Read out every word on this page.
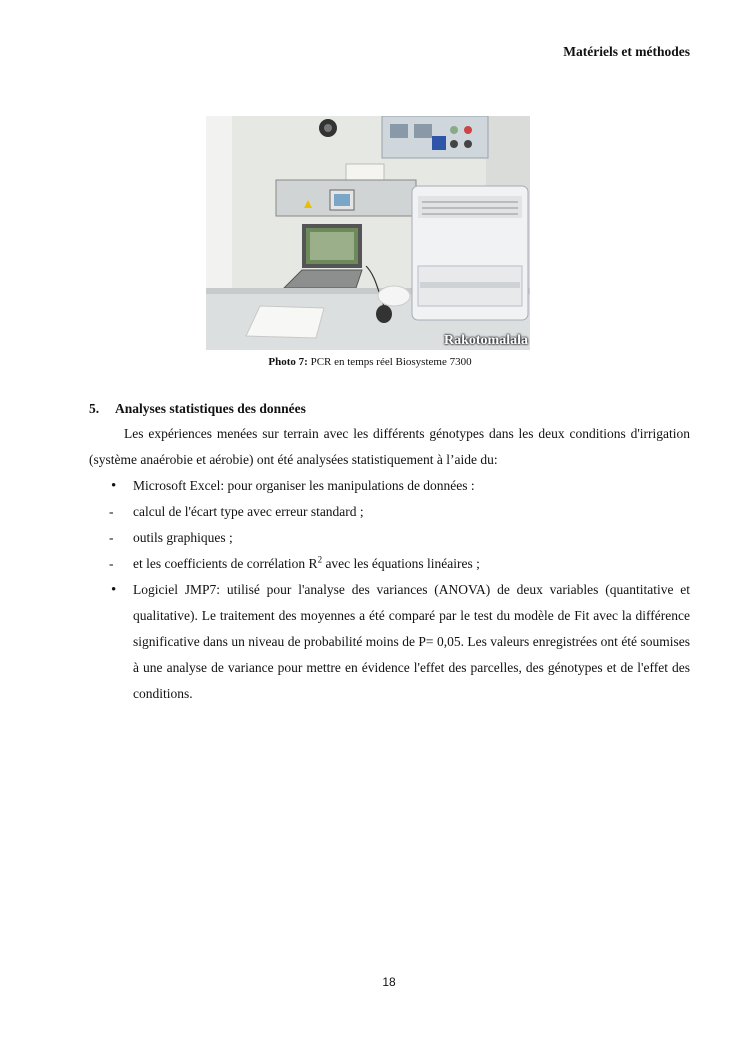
Matériels et méthodes
Rakotomalala
Photo 7: PCR en temps réel Biosysteme 7300
5. Analyses statistiques des données
Les expériences menées sur terrain avec les différents génotypes dans les deux conditions d'irrigation (système anaérobie et aérobie) ont été analysées statistiquement à l’aide du:
• Microsoft Excel: pour organiser les manipulations de données :
- calcul de l'écart type avec erreur standard ;
- outils graphiques ;
- et les coefficients de corrélation $R^2$ avec les équations linéaires ;
• Logiciel JMP7: utilisé pour l'analyse des variances (ANOVA) de deux variables (quantitative et qualitative). Le traitement des moyennes a été comparé par le test du modèle de Fit avec la différence significative dans un niveau de probabilité moins de P= 0,05. Les valeurs enregistrées ont été soumises à une analyse de variance pour mettre en évidence l'effet des parcelles, des génotypes et de l'effet des conditions.
18
